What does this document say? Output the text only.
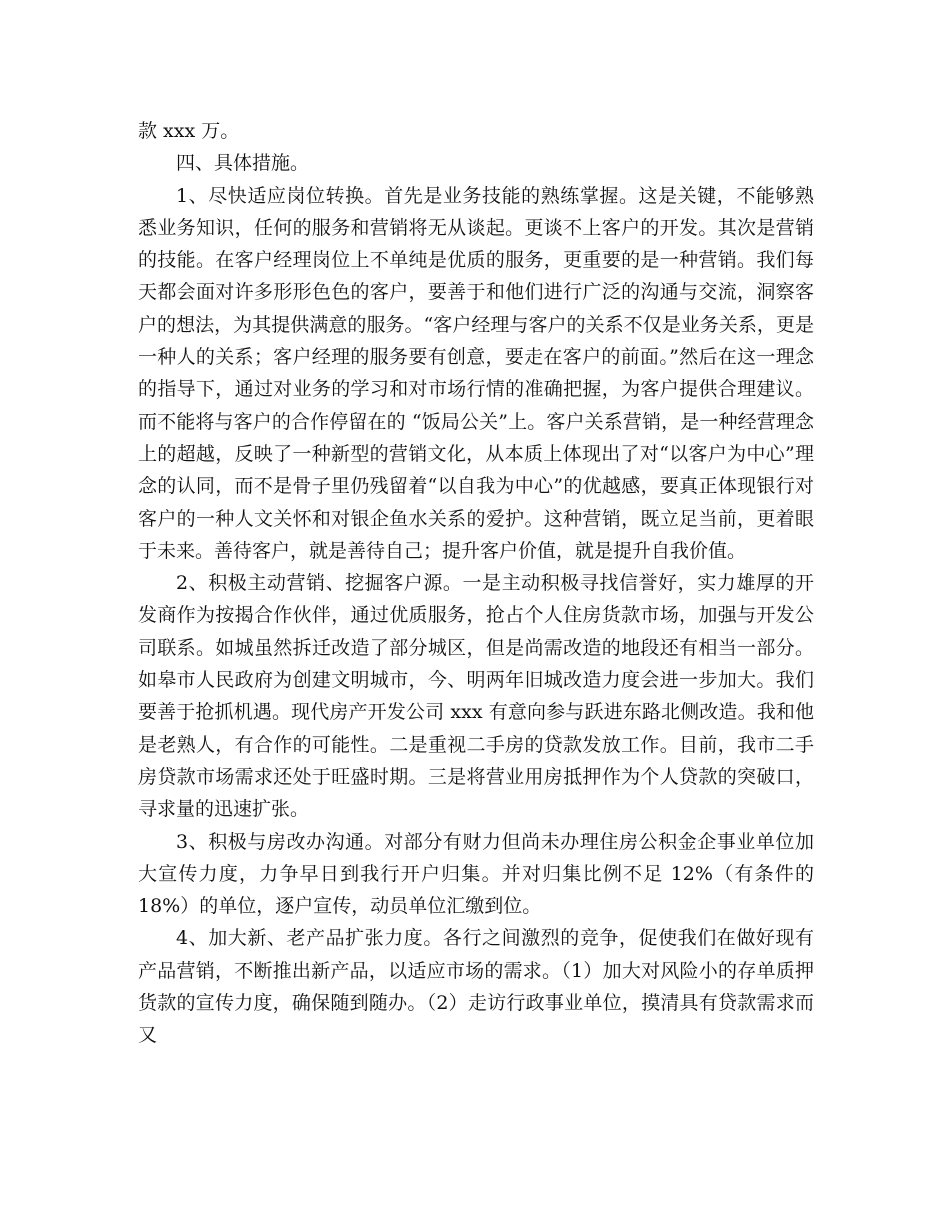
款 xxx 万。

四、具体措施。

1、尽快适应岗位转换。首先是业务技能的熟练掌握。这是关键，不能够熟悉业务知识，任何的服务和营销将无从谈起。更谈不上客户的开发。其次是营销的技能。在客户经理岗位上不单纯是优质的服务，更重要的是一种营销。我们每天都会面对许多形形色色的客户，要善于和他们进行广泛的沟通与交流，洞察客户的想法，为其提供满意的服务。“客户经理与客户的关系不仅是业务关系，更是一种人的关系；客户经理的服务要有创意，要走在客户的前面。”然后在这一理念的指导下，通过对业务的学习和对市场行情的准确把握，为客户提供合理建议。而不能将与客户的合作停留在的 “饭局公关”上。客户关系营销，是一种经营理念上的超越，反映了一种新型的营销文化，从本质上体现出了对“以客户为中心”理念的认同，而不是骨子里仍残留着“以自我为中心”的优越感，要真正体现银行对客户的一种人文关怀和对银企鱼水关系的爱护。这种营销，既立足当前，更着眼于未来。善待客户，就是善待自己；提升客户价值，就是提升自我价值。

2、积极主动营销、挖掘客户源。一是主动积极寻找信誉好，实力雄厚的开发商作为按揭合作伙伴，通过优质服务，抢占个人住房货款市场，加强与开发公司联系。如城虽然拆迁改造了部分城区，但是尚需改造的地段还有相当一部分。如皋市人民政府为创建文明城市，今、明两年旧城改造力度会进一步加大。我们要善于抢抓机遇。现代房产开发公司 xxx 有意向参与跃进东路北侧改造。我和他是老熟人，有合作的可能性。二是重视二手房的贷款发放工作。目前，我市二手房贷款市场需求还处于旺盛时期。三是将营业用房抵押作为个人贷款的突破口，寻求量的迅速扩张。

3、积极与房改办沟通。对部分有财力但尚未办理住房公积金企事业单位加大宣传力度，力争早日到我行开户归集。并对归集比例不足 12%（有条件的 18%）的单位，逐户宣传，动员单位汇缴到位。

4、加大新、老产品扩张力度。各行之间激烈的竞争，促使我们在做好现有产品营销，不断推出新产品，以适应市场的需求。（1）加大对风险小的存单质押货款的宣传力度，确保随到随办。（2）走访行政事业单位，摸清具有贷款需求而又
